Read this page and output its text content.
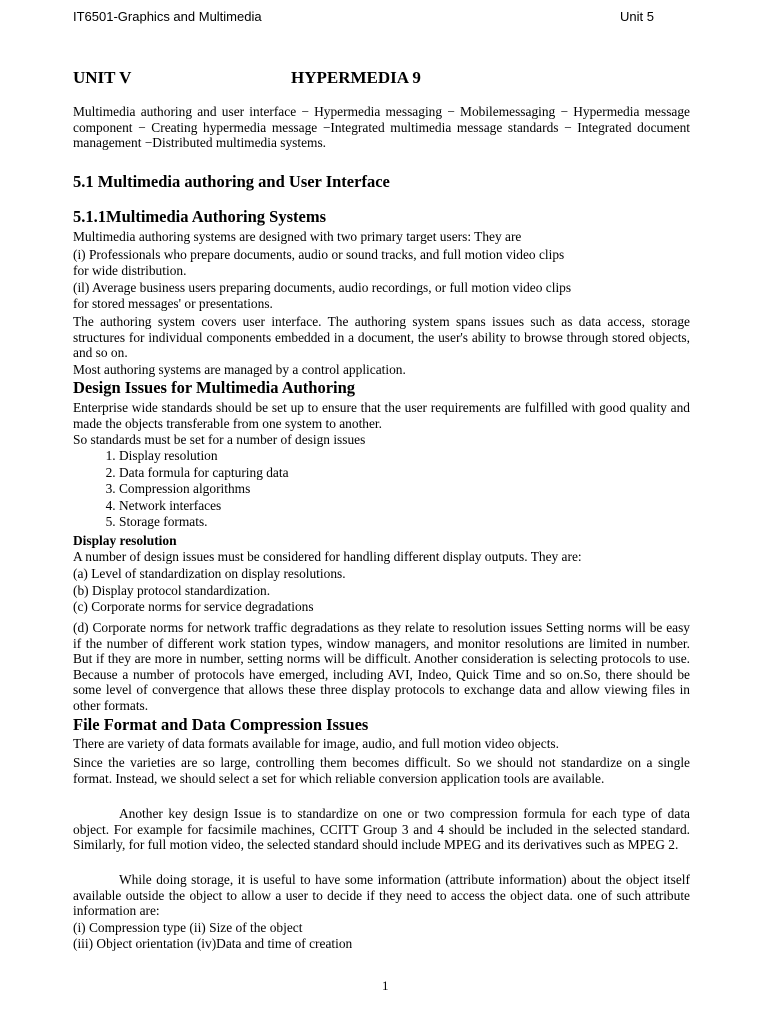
IT6501-Graphics and Multimedia	Unit 5
UNIT V	HYPERMEDIA 9
Multimedia authoring and user interface − Hypermedia messaging − Mobilemessaging − Hypermedia message component − Creating hypermedia message −Integrated multimedia message standards − Integrated document management −Distributed multimedia systems.
5.1 Multimedia authoring and User Interface
5.1.1Multimedia Authoring Systems
Multimedia authoring systems are designed with two primary target users: They are
(i) Professionals who prepare documents, audio or sound tracks, and full motion video clips
for wide distribution.
(il) Average business users preparing documents, audio recordings, or full motion video clips
for stored messages' or presentations.
The authoring system covers user interface. The authoring system spans issues such as data access, storage structures for individual components embedded in a document, the user's ability to browse through stored objects, and so on.
Most authoring systems are managed by a control application.
Design Issues for Multimedia Authoring
Enterprise wide standards should be set up to ensure that the user requirements are fulfilled with good quality and made the objects transferable from one system to another.
So standards must be set for a number of design issues
1. Display resolution
2. Data formula for capturing data
3. Compression algorithms
4. Network interfaces
5. Storage formats.
Display resolution
A number of design issues must be considered for handling different display outputs. They are:
(a) Level of standardization on display resolutions.
(b) Display protocol standardization.
(c) Corporate norms for service degradations
(d) Corporate norms for network traffic degradations as they relate to resolution issues Setting norms will be easy if the number of different work station types, window managers, and monitor resolutions are limited in number. But if they are more in number, setting norms will be difficult. Another consideration is selecting protocols to use. Because a number of protocols have emerged, including AVI, Indeo, Quick Time and so on.So, there should be some level of convergence that allows these three display protocols to exchange data and allow viewing files in other formats.
File Format and Data Compression Issues
There are variety of data formats available for image, audio, and full motion video objects.
Since the varieties are so large, controlling them becomes difficult. So we should not standardize on a single format. Instead, we should select a set for which reliable conversion application tools are available.
Another key design Issue is to standardize on one or two compression formula for each type of data object. For example for facsimile machines, CCITT Group 3 and 4 should be included in the selected standard. Similarly, for full motion video, the selected standard should include MPEG and its derivatives such as MPEG 2.
While doing storage, it is useful to have some information (attribute information) about the object itself available outside the object to allow a user to decide if they need to access the object data. one of such attribute information are:
(i) Compression type (ii) Size of the object
(iii) Object orientation (iv)Data and time of creation
1
